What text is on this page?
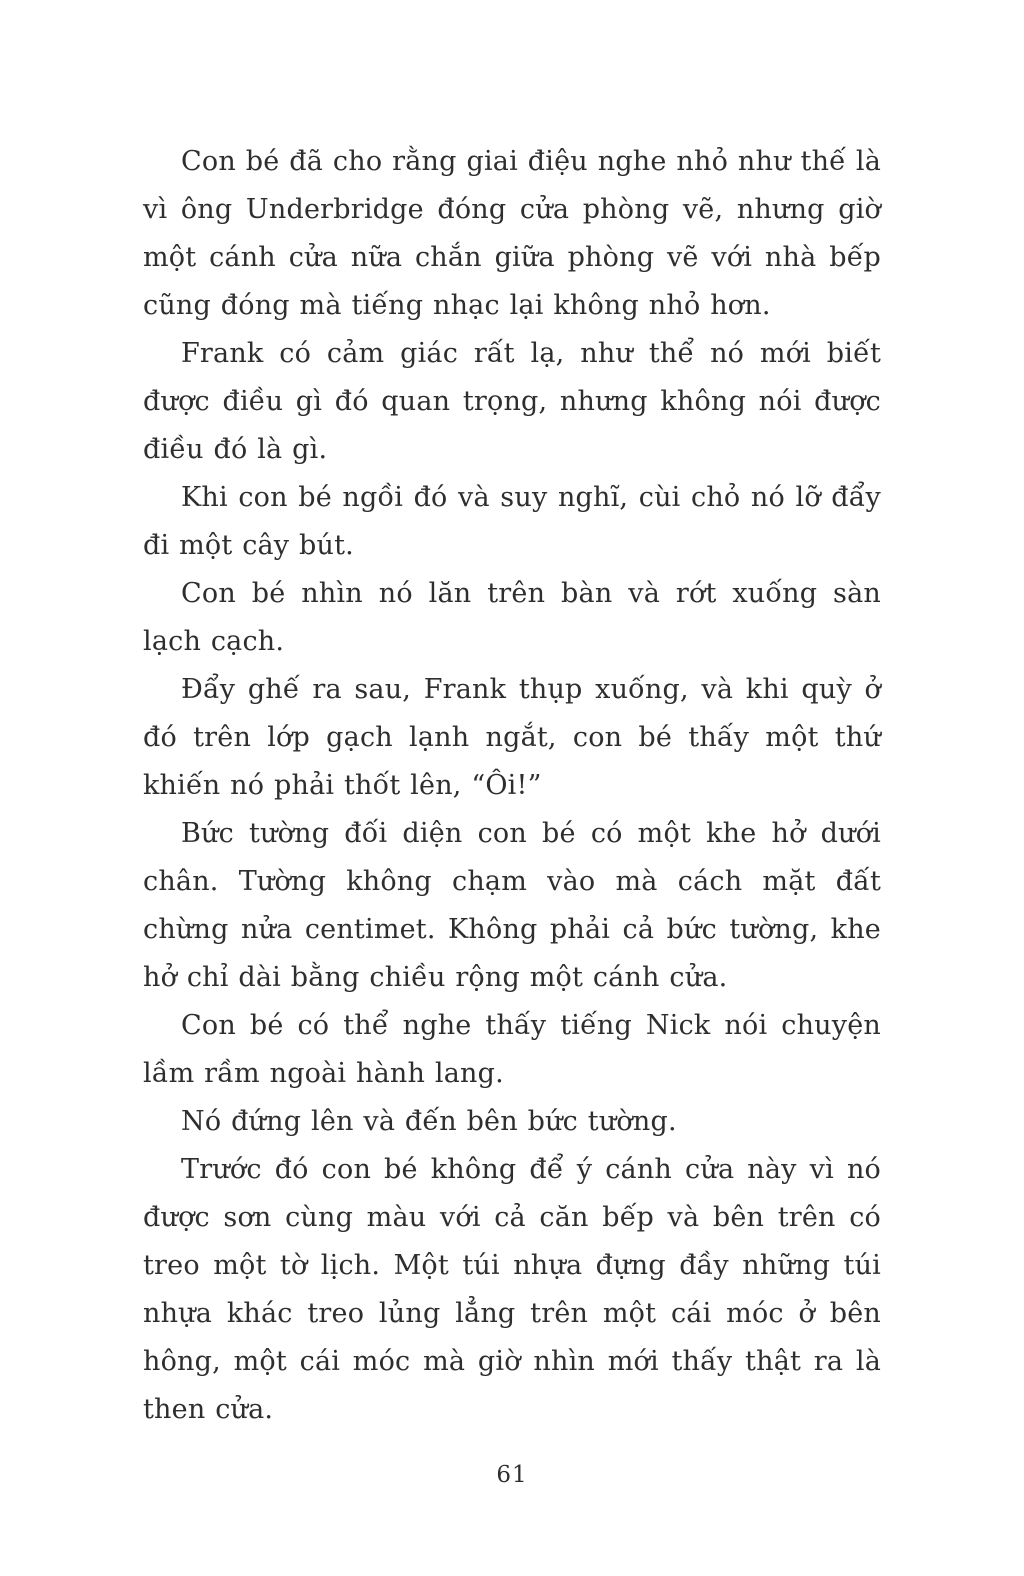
Con bé đã cho rằng giai điệu nghe nhỏ như thế là vì ông Underbridge đóng cửa phòng vẽ, nhưng giờ một cánh cửa nữa chắn giữa phòng vẽ với nhà bếp cũng đóng mà tiếng nhạc lại không nhỏ hơn.

Frank có cảm giác rất lạ, như thể nó mới biết được điều gì đó quan trọng, nhưng không nói được điều đó là gì.

Khi con bé ngồi đó và suy nghĩ, cùi chỏ nó lỡ đẩy đi một cây bút.

Con bé nhìn nó lăn trên bàn và rớt xuống sàn lạch cạch.

Đẩy ghế ra sau, Frank thụp xuống, và khi quỳ ở đó trên lớp gạch lạnh ngắt, con bé thấy một thứ khiến nó phải thốt lên, “Ôi!”

Bức tường đối diện con bé có một khe hở dưới chân. Tường không chạm vào mà cách mặt đất chừng nửa centimet. Không phải cả bức tường, khe hở chỉ dài bằng chiều rộng một cánh cửa.

Con bé có thể nghe thấy tiếng Nick nói chuyện lầm rầm ngoài hành lang.

Nó đứng lên và đến bên bức tường.

Trước đó con bé không để ý cánh cửa này vì nó được sơn cùng màu với cả căn bếp và bên trên có treo một tờ lịch. Một túi nhựa đựng đầy những túi nhựa khác treo lủng lẳng trên một cái móc ở bên hông, một cái móc mà giờ nhìn mới thấy thật ra là then cửa.

61
